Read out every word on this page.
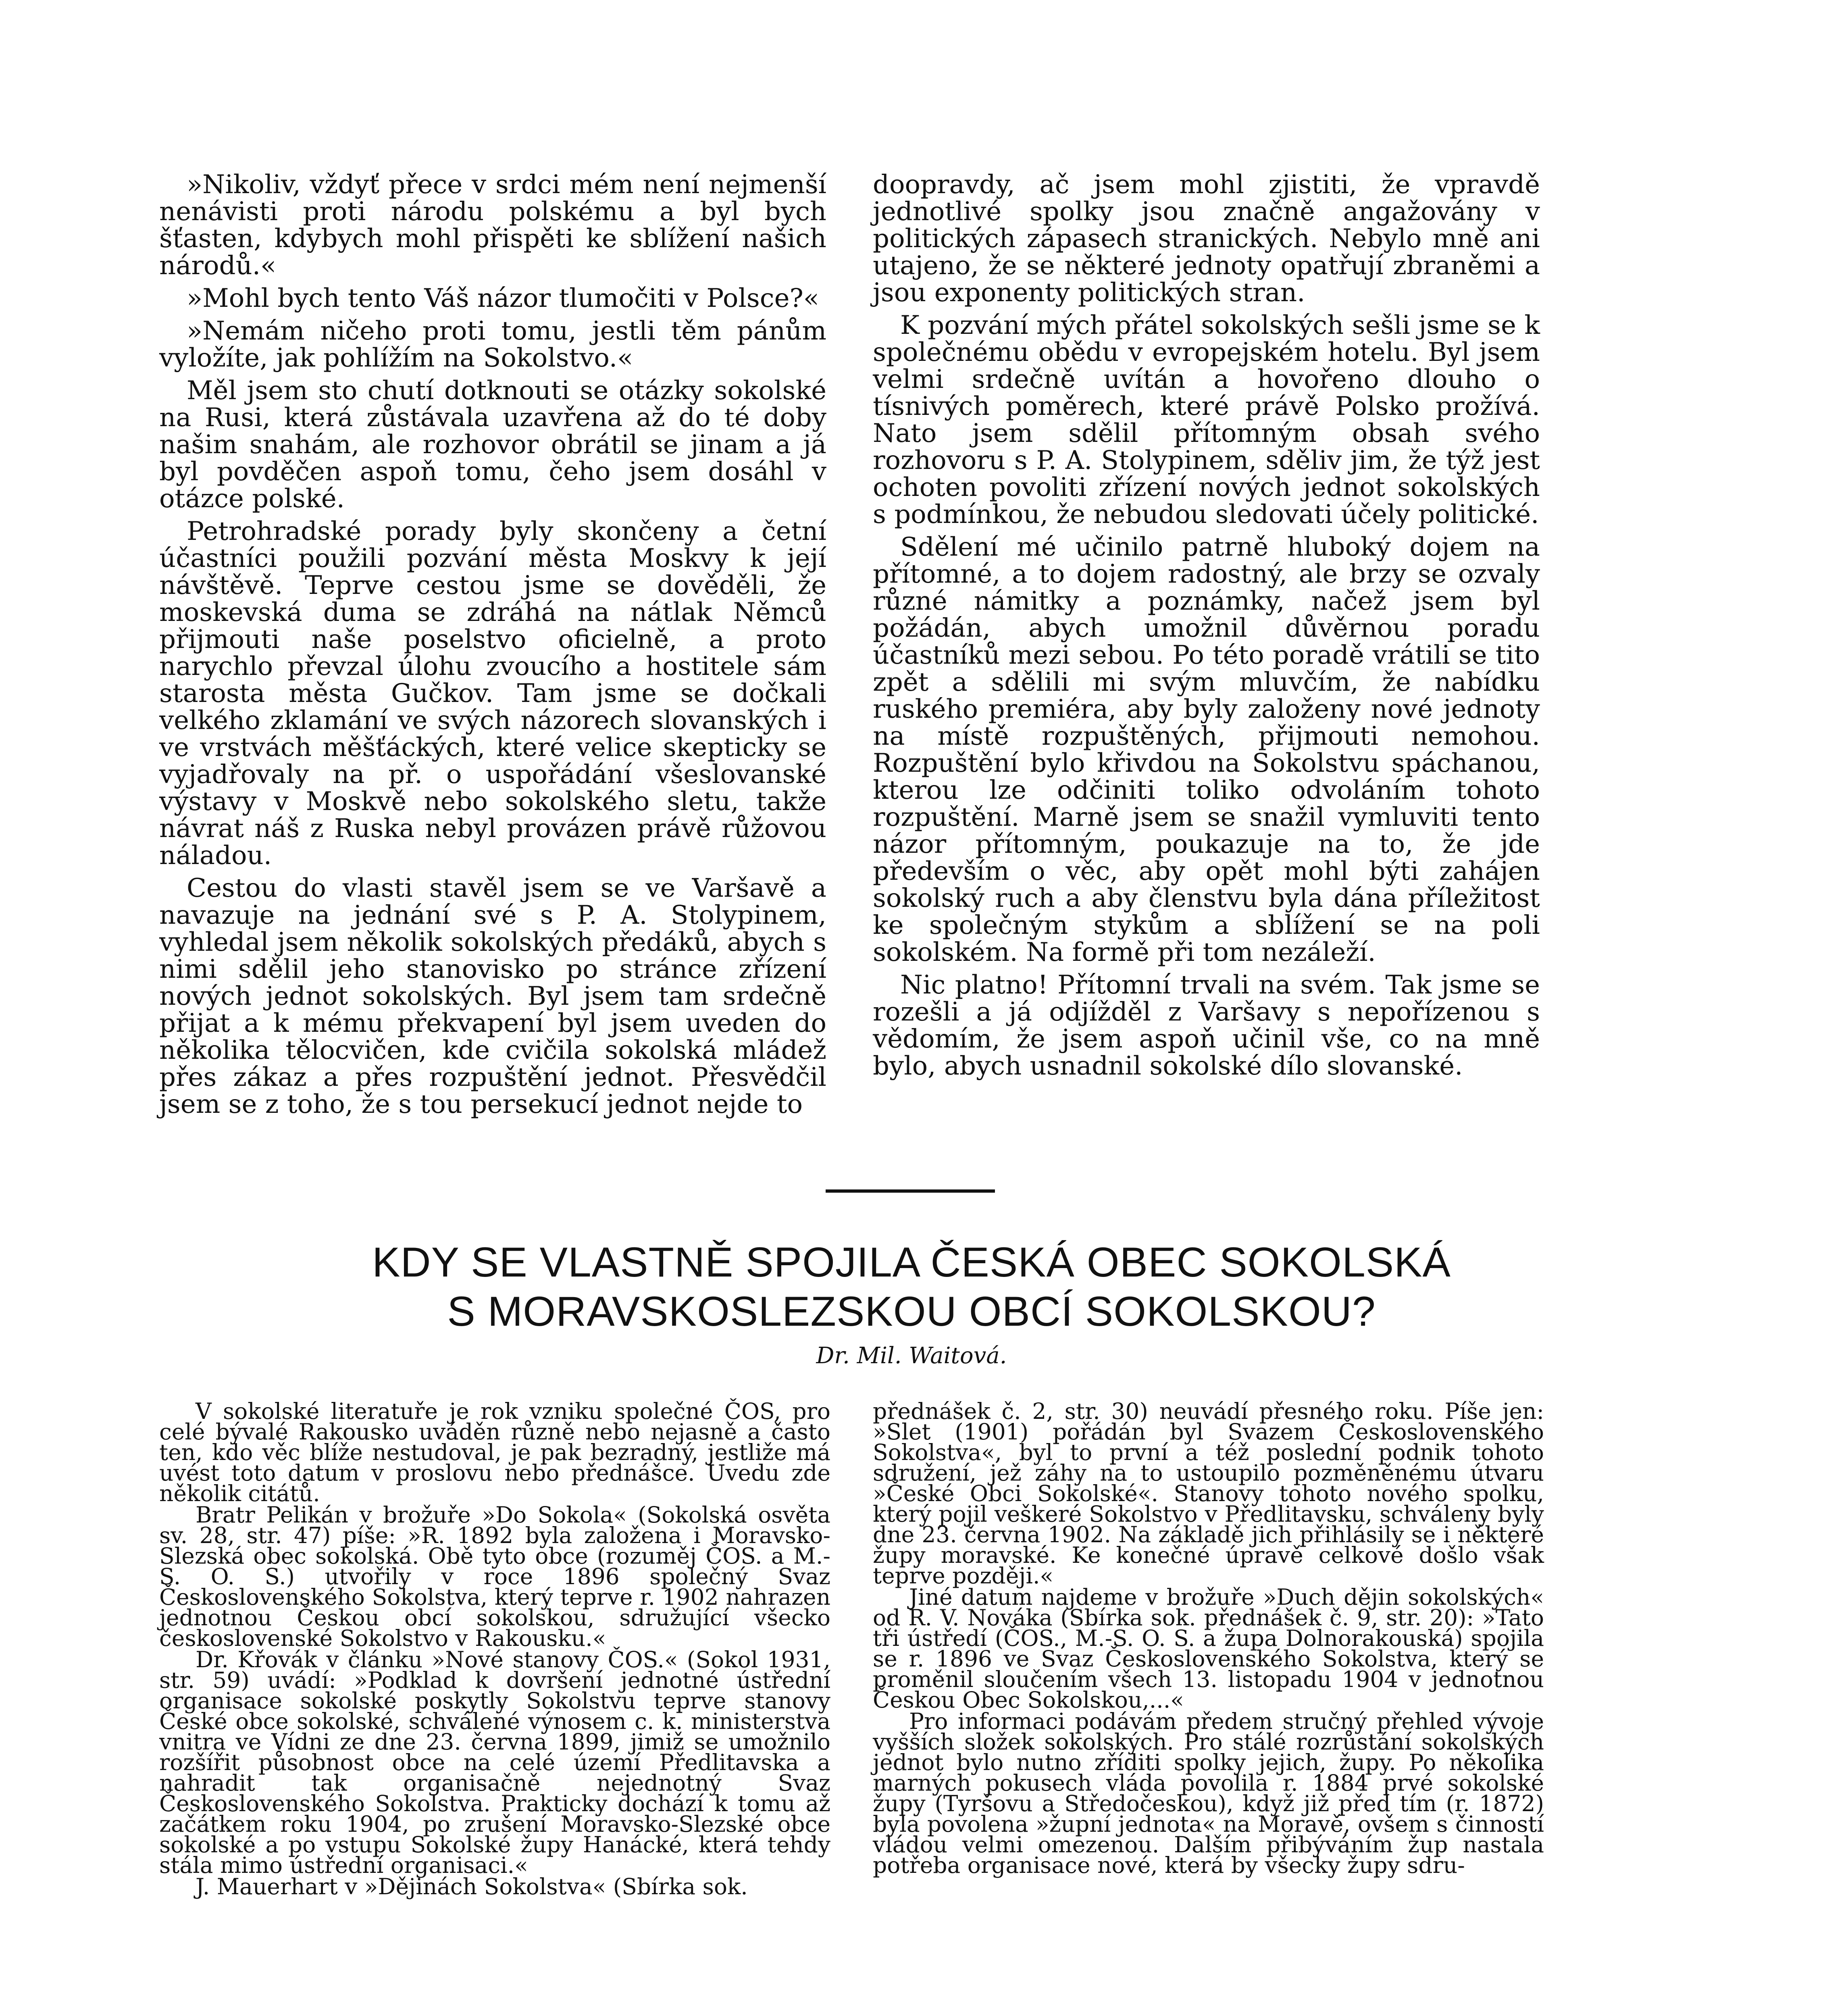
»Nikoliv, vždyť přece v srdci mém není nejmenší nenávisti proti národu polskému a byl bych šťasten, kdybych mohl přispěti ke sblížení našich národů.«

»Mohl bych tento Váš názor tlumočiti v Polsce?«

»Nemám ničeho proti tomu, jestli těm pánům vyložíte, jak pohlížím na Sokolstvo.«

Měl jsem sto chutí dotknouti se otázky sokolské na Rusi, která zůstávala uzavřena až do té doby našim snahám, ale rozhovor obrátil se jinam a já byl povděčen aspoň tomu, čeho jsem dosáhl v otázce polské.

Petrohradské porady byly skončeny a četní účastníci použili pozvání města Moskvy k její návštěvě. Teprve cestou jsme se dověděli, že moskevská duma se zdráhá na nátlak Němců přijmouti naše poselstvo oficielně, a proto narychlo převzal úlohu zvoucího a hostitele sám starosta města Gučkov. Tam jsme se dočkali velkého zklamání ve svých názorech slovanských i ve vrstvách měšťáckých, které velice skepticky se vyjadřovaly na př. o uspořádání všeslovanské výstavy v Moskvě nebo sokolského sletu, takže návrat náš z Ruska nebyl provázen právě růžovou náladou.

Cestou do vlasti stavěl jsem se ve Varšavě a navazuje na jednání své s P. A. Stolypinem, vyhledal jsem několik sokolských předáků, abych s nimi sdělil jeho stanovisko po stránce zřízení nových jednot sokolských. Byl jsem tam srdečně přijat a k mému překvapení byl jsem uveden do několika tělocvičen, kde cvičila sokolská mládež přes zákaz a přes rozpuštění jednot. Přesvědčil jsem se z toho, že s tou persekucí jednot nejde to

doopravdy, ač jsem mohl zjistiti, že vpravdě jednotlivé spolky jsou značně angažovány v politických zápasech stranických. Nebylo mně ani utajeno, že se některé jednoty opatřují zbraněmi a jsou exponenty politických stran.

K pozvání mých přátel sokolských sešli jsme se k společnému obědu v evropejském hotelu. Byl jsem velmi srdečně uvítán a hovořeno dlouho o tísnivých poměrech, které právě Polsko prožívá. Nato jsem sdělil přítomným obsah svého rozhovoru s P. A. Stolypinem, sděliv jim, že týž jest ochoten povoliti zřízení nových jednot sokolských s podmínkou, že nebudou sledovati účely politické.

Sdělení mé učinilo patrně hluboký dojem na přítomné, a to dojem radostný, ale brzy se ozvaly různé námitky a poznámky, načež jsem byl požádán, abych umožnil důvěrnou poradu účastníků mezi sebou. Po této poradě vrátili se tito zpět a sdělili mi svým mluvčím, že nabídku ruského premiéra, aby byly založeny nové jednoty na místě rozpuštěných, přijmouti nemohou. Rozpuštění bylo křivdou na Sokolstvu spáchanou, kterou lze odčiniti toliko odvoláním tohoto rozpuštění. Marně jsem se snažil vymluviti tento názor přítomným, poukazuje na to, že jde především o věc, aby opět mohl býti zahájen sokolský ruch a aby členstvu byla dána příležitost ke společným stykům a sblížení se na poli sokolském. Na formě při tom nezáleží.

Nic platno! Přítomní trvali na svém. Tak jsme se rozešli a já odjížděl z Varšavy s nepořízenou s vědomím, že jsem aspoň učinil vše, co na mně bylo, abych usnadnil sokolské dílo slovanské.

KDY SE VLASTNĚ SPOJILA ČESKÁ OBEC SOKOLSKÁ
S MORAVSKOSLEZSKOU OBCÍ SOKOLSKOU?
Dr. Mil. Waitová.

V sokolské literatuře je rok vzniku společné ČOS, pro celé bývalé Rakousko uváděn různě nebo nejasně a často ten, kdo věc blíže nestudoval, je pak bezradný, jestliže má uvést toto datum v proslovu nebo přednášce. Uvedu zde několik citátů.

Bratr Pelikán v brožuře »Do Sokola« (Sokolská osvěta sv. 28, str. 47) píše: »R. 1892 byla založena i Moravsko-Slezská obec sokolská. Obě tyto obce (rozuměj ČOS. a M.-S. O. S.) utvořily v roce 1896 společný Svaz Československého Sokolstva, který teprve r. 1902 nahrazen jednotnou Českou obcí sokolskou, sdružující všecko československé Sokolstvo v Rakousku.«

Dr. Křovák v článku »Nové stanovy ČOS.« (Sokol 1931, str. 59) uvádí: »Podklad k dovršení jednotné ústřední organisace sokolské poskytly Sokolstvu teprve stanovy České obce sokolské, schválené výnosem c. k. ministerstva vnitra ve Vídni ze dne 23. června 1899, jimiž se umožnilo rozšířit působnost obce na celé území Předlitavska a nahradit tak organisačně nejednotný Svaz Československého Sokolstva. Prakticky dochází k tomu až začátkem roku 1904, po zrušení Moravsko-Slezské obce sokolské a po vstupu Sokolské župy Hanácké, která tehdy stála mimo ústřední organisaci.«

J. Mauerhart v »Dějinách Sokolstva« (Sbírka sok.

přednášek č. 2, str. 30) neuvádí přesného roku. Píše jen: »Slet (1901) pořádán byl Svazem Československého Sokolstva«, byl to první a též poslední podnik tohoto sdružení, jež záhy na to ustoupilo pozměněnému útvaru »České Obci Sokolské«. Stanovy tohoto nového spolku, který pojil veškeré Sokolstvo v Předlitavsku, schváleny byly dne 23. června 1902. Na základě jich přihlásily se i některé župy moravské. Ke konečné úpravě celkové došlo však teprve později.«

Jiné datum najdeme v brožuře »Duch dějin sokolských« od R. V. Nováka (Sbírka sok. přednášek č. 9, str. 20): »Tato tři ústředí (ČOS., M.-S. O. S. a župa Dolnorakouská) spojila se r. 1896 ve Svaz Československého Sokolstva, který se proměnil sloučením všech 13. listopadu 1904 v jednotnou Českou Obec Sokolskou,...«

Pro informaci podávám předem stručný přehled vývoje vyšších složek sokolských. Pro stálé rozrůstání sokolských jednot bylo nutno zříditi spolky jejich, župy. Po několika marných pokusech vláda povolila r. 1884 prvé sokolské župy (Tyršovu a Středočeskou), když již před tím (r. 1872) byla povolena »župní jednota« na Moravě, ovšem s činností vládou velmi omezenou. Dalším přibýváním žup nastala potřeba organisace nové, která by všecky župy sdru-
